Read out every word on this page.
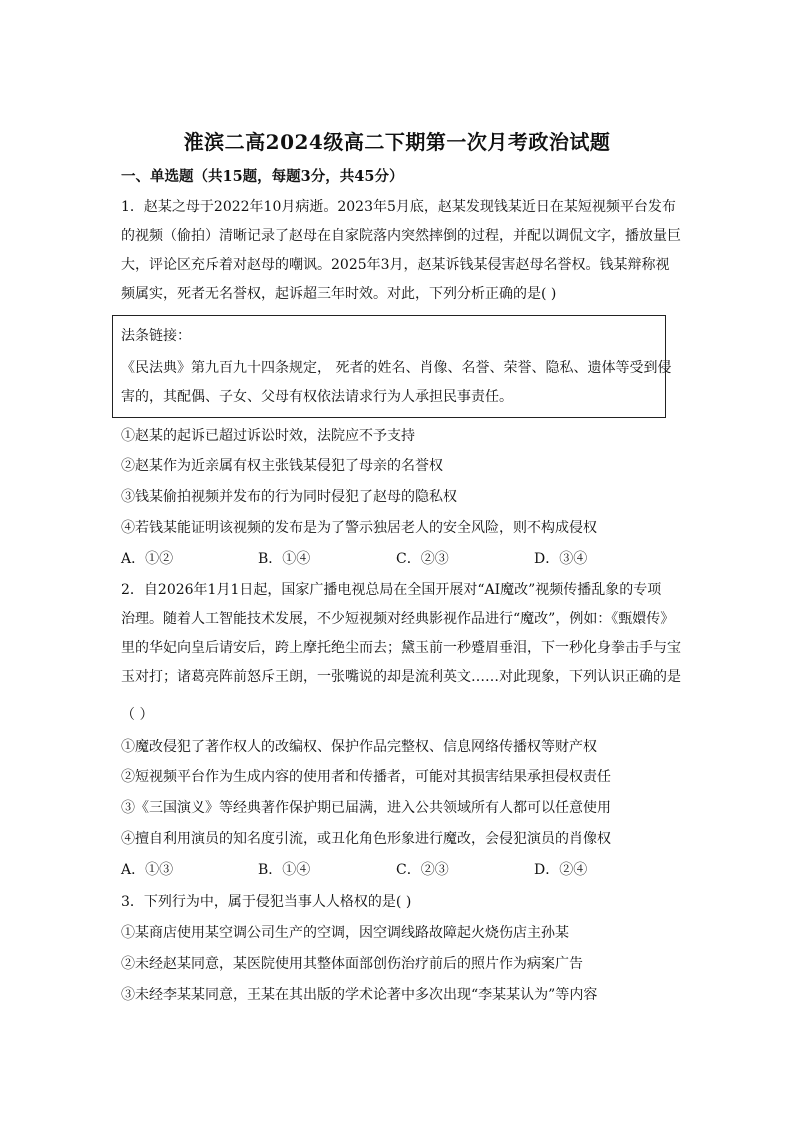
淮滨二高2024级高二下期第一次月考政治试题
一、单选题（共15题，每题3分，共45分）
1．赵某之母于2022年10月病逝。2023年5月底，赵某发现钱某近日在某短视频平台发布
的视频（偷拍）清晰记录了赵母在自家院落内突然摔倒的过程，并配以调侃文字，播放量巨
大，评论区充斥着对赵母的嘲讽。2025年3月，赵某诉钱某侵害赵母名誉权。钱某辩称视
频属实，死者无名誉权，起诉超三年时效。对此，下列分析正确的是( )
法条链接：
《民法典》第九百九十四条规定， 死者的姓名、肖像、名誉、荣誉、隐私、遗体等受到侵
害的，其配偶、子女、父母有权依法请求行为人承担民事责任。
①赵某的起诉已超过诉讼时效，法院应不予支持
②赵某作为近亲属有权主张钱某侵犯了母亲的名誉权
③钱某偷拍视频并发布的行为同时侵犯了赵母的隐私权
④若钱某能证明该视频的发布是为了警示独居老人的安全风险，则不构成侵权
A．①②	B．①④	C．②③	D．③④
2．自2026年1月1日起，国家广播电视总局在全国开展对“AI魔改”视频传播乱象的专项
治理。随着人工智能技术发展，不少短视频对经典影视作品进行“魔改”，例如：《甄嬛传》
里的华妃向皇后请安后，跨上摩托绝尘而去；黛玉前一秒蹙眉垂泪，下一秒化身拳击手与宝
玉对打；诸葛亮阵前怒斥王朗，一张嘴说的却是流利英文……对此现象，下列认识正确的是
（ ）
①魔改侵犯了著作权人的改编权、保护作品完整权、信息网络传播权等财产权
②短视频平台作为生成内容的使用者和传播者，可能对其损害结果承担侵权责任
③《三国演义》等经典著作保护期已届满，进入公共领域所有人都可以任意使用
④擅自利用演员的知名度引流，或丑化角色形象进行魔改，会侵犯演员的肖像权
A．①③	B．①④	C．②③	D．②④
3．下列行为中，属于侵犯当事人人格权的是( )
①某商店使用某空调公司生产的空调，因空调线路故障起火烧伤店主孙某
②未经赵某同意，某医院使用其整体面部创伤治疗前后的照片作为病案广告
③未经李某某同意，王某在其出版的学术论著中多次出现“李某某认为”等内容
